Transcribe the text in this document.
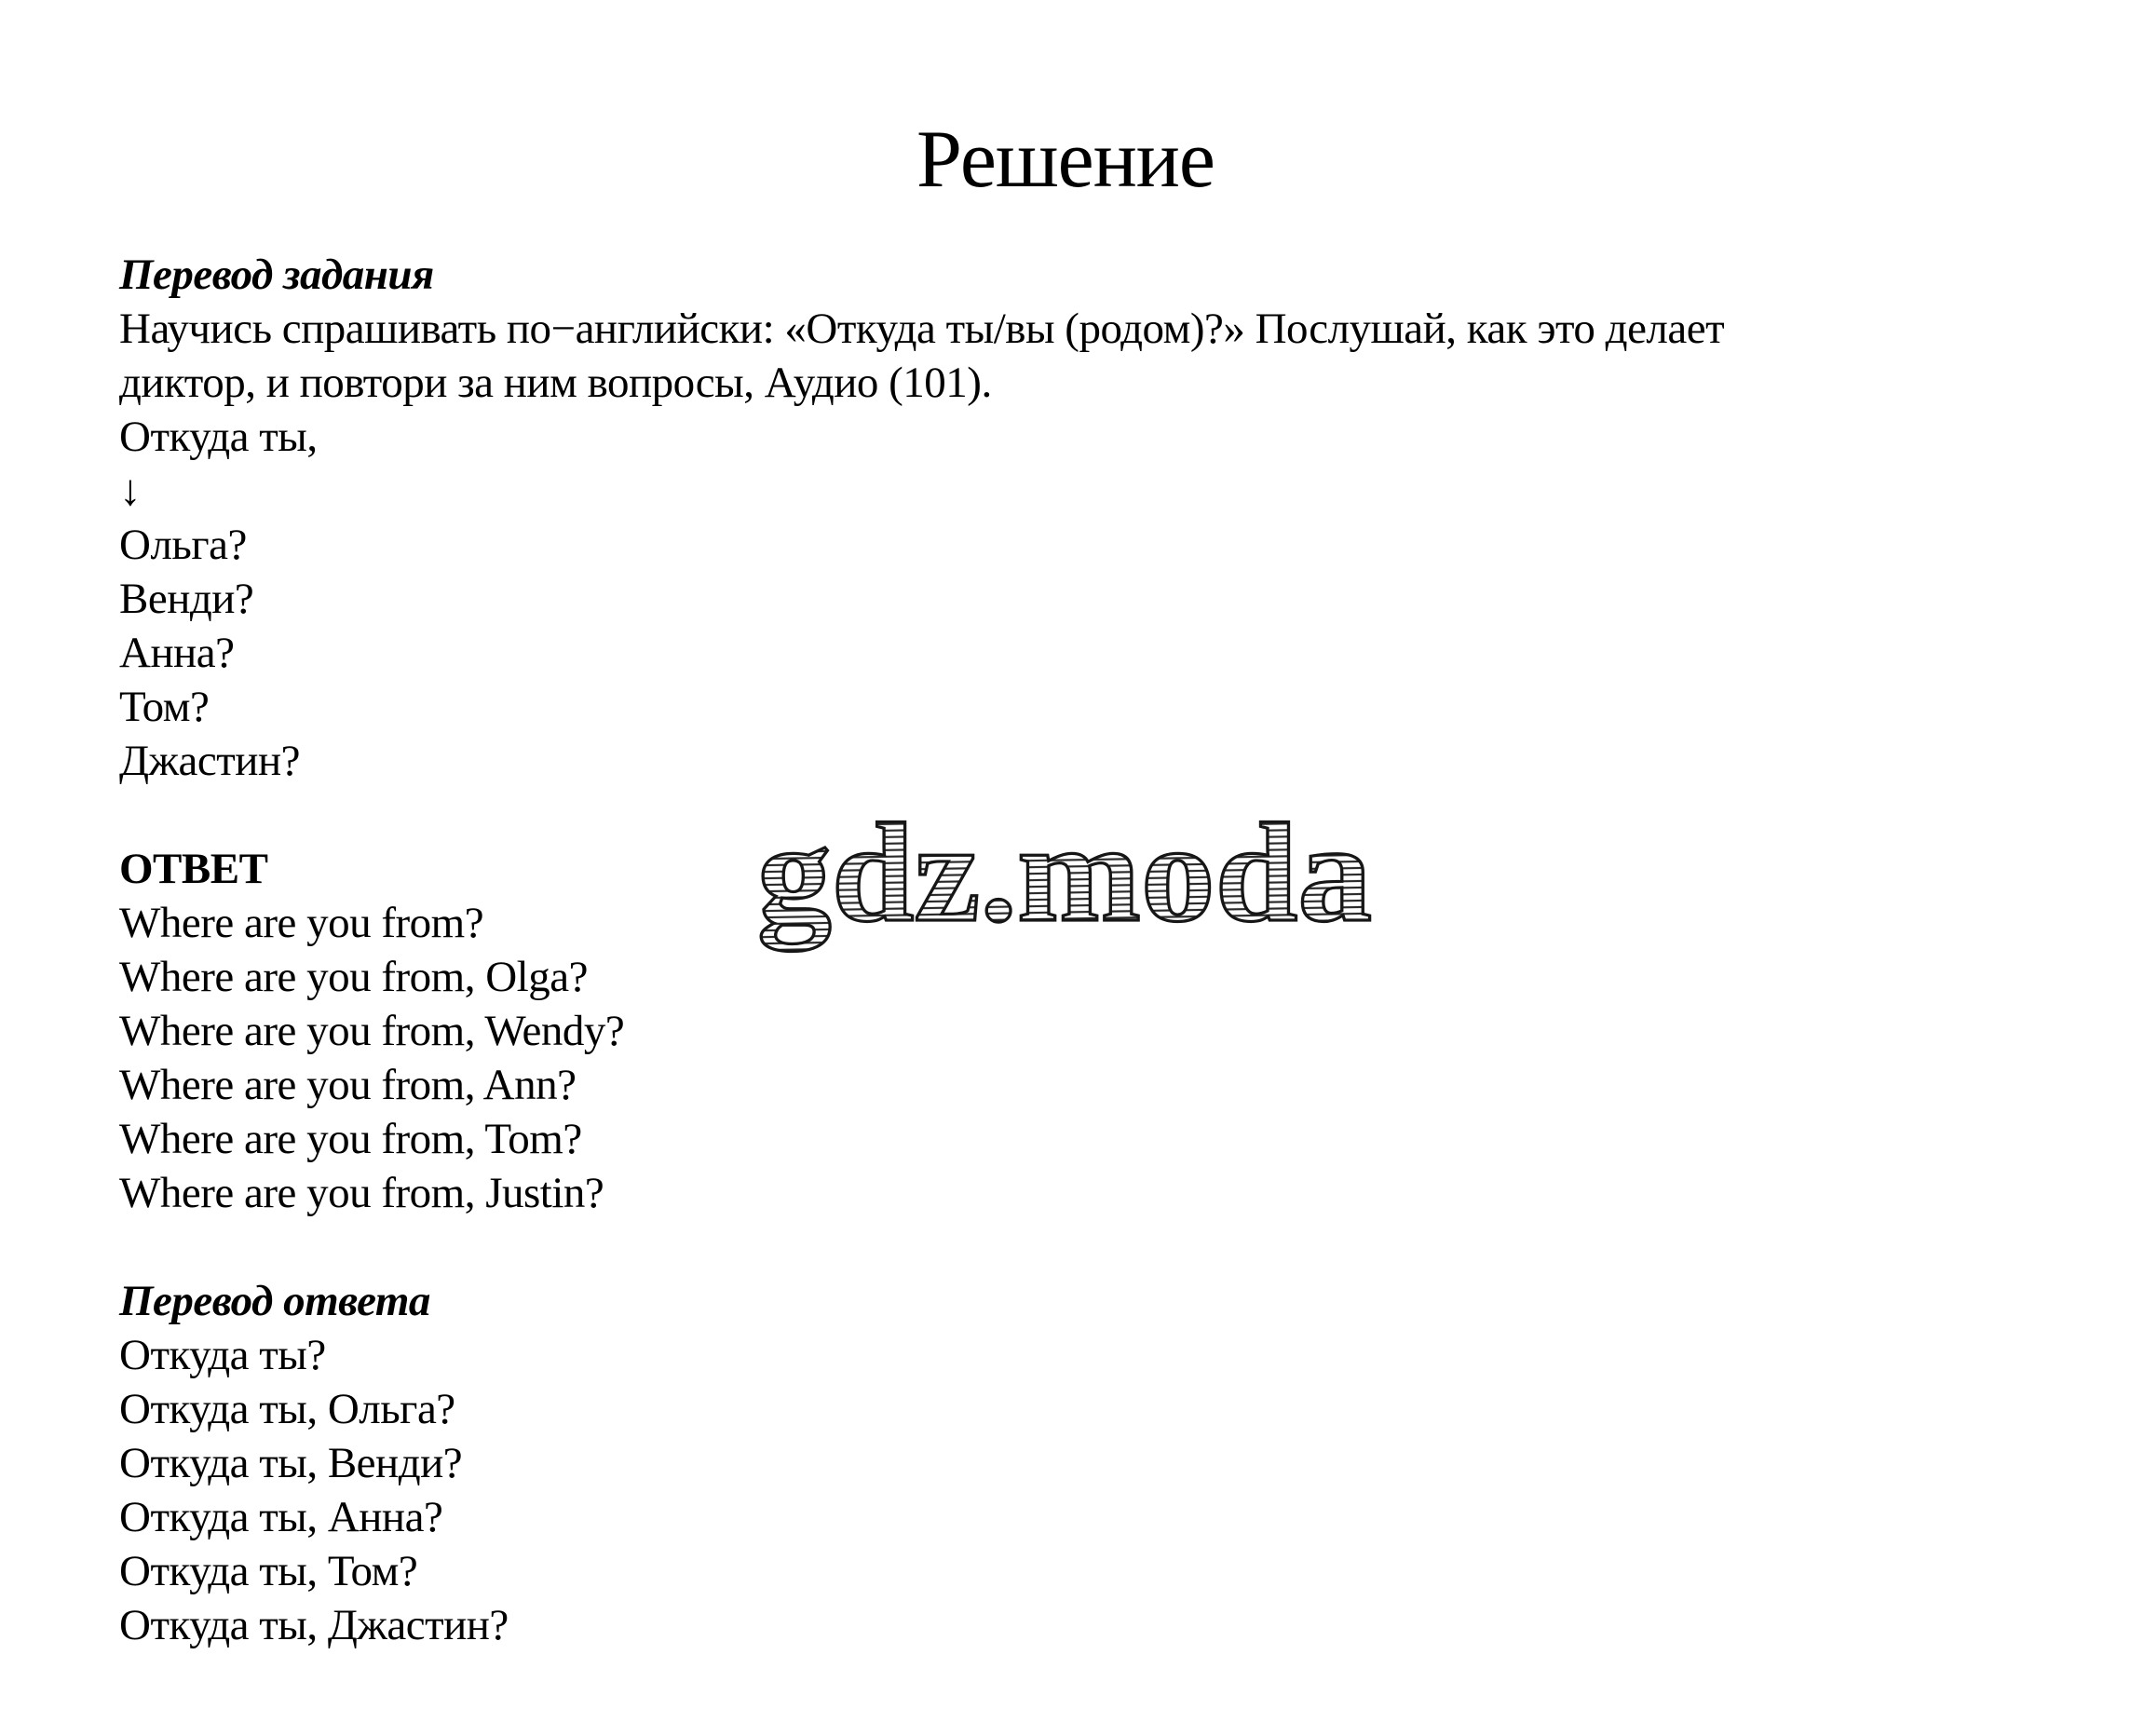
Решение
Перевод задания
Научись спрашивать по−английски: «Откуда ты/вы (родом)?» Послушай, как это делает
диктор, и повтори за ним вопросы, Аудио (101).
Откуда ты,
↓
Ольга?
Венди?
Анна?
Том?
Джастин?
ОТВЕТ
Where are you from?
Where are you from, Olga?
Where are you from, Wendy?
Where are you from, Ann?
Where are you from, Tom?
Where are you from, Justin?
Перевод ответа
Откуда ты?
Откуда ты, Ольга?
Откуда ты, Венди?
Откуда ты, Анна?
Откуда ты, Том?
Откуда ты, Джастин?
gdz.moda
